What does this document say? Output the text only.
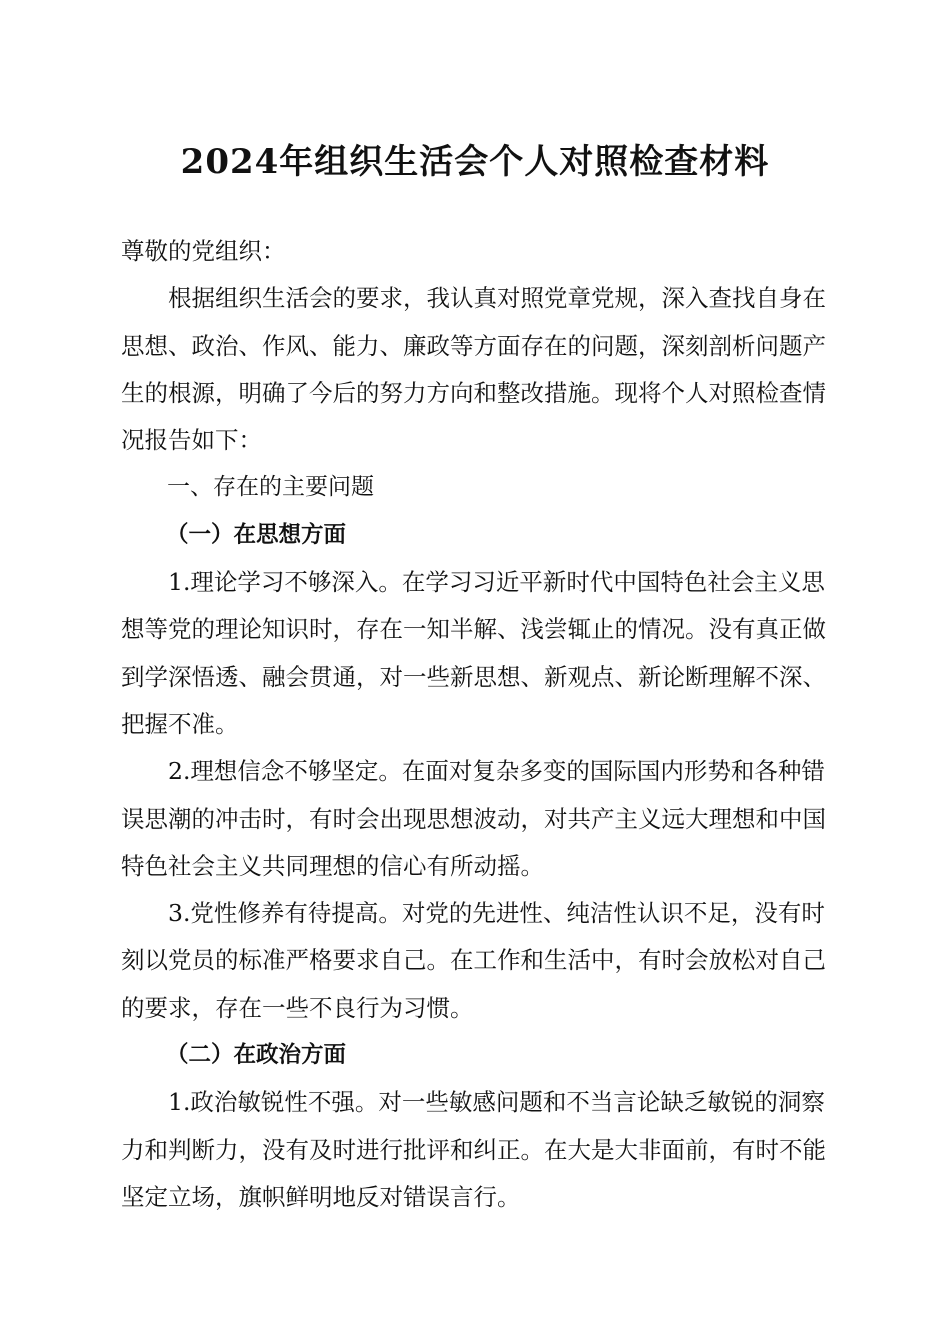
2024年组织生活会个人对照检查材料

尊敬的党组织：

根据组织生活会的要求，我认真对照党章党规，深入查找自身在思想、政治、作风、能力、廉政等方面存在的问题，深刻剖析问题产生的根源，明确了今后的努力方向和整改措施。现将个人对照检查情况报告如下：

一、存在的主要问题

（一）在思想方面

1.理论学习不够深入。在学习习近平新时代中国特色社会主义思想等党的理论知识时，存在一知半解、浅尝辄止的情况。没有真正做到学深悟透、融会贯通，对一些新思想、新观点、新论断理解不深、把握不准。

2.理想信念不够坚定。在面对复杂多变的国际国内形势和各种错误思潮的冲击时，有时会出现思想波动，对共产主义远大理想和中国特色社会主义共同理想的信心有所动摇。

3.党性修养有待提高。对党的先进性、纯洁性认识不足，没有时刻以党员的标准严格要求自己。在工作和生活中，有时会放松对自己的要求，存在一些不良行为习惯。

（二）在政治方面

1.政治敏锐性不强。对一些敏感问题和不当言论缺乏敏锐的洞察力和判断力，没有及时进行批评和纠正。在大是大非面前，有时不能坚定立场，旗帜鲜明地反对错误言行。
